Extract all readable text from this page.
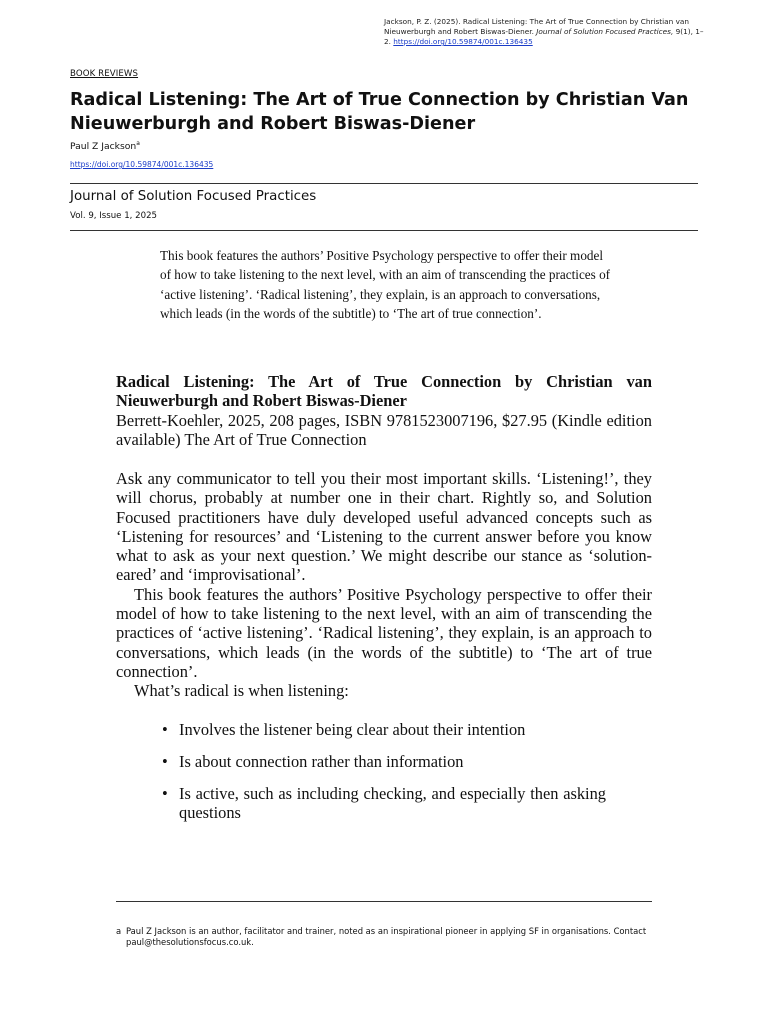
Jackson, P. Z. (2025). Radical Listening: The Art of True Connection by Christian van Nieuwerburgh and Robert Biswas-Diener. Journal of Solution Focused Practices, 9(1), 1–2. https://doi.org/10.59874/001c.136435
BOOK REVIEWS
Radical Listening: The Art of True Connection by Christian Van Nieuwerburgh and Robert Biswas-Diener
Paul Z Jackson$^a$
https://doi.org/10.59874/001c.136435
Journal of Solution Focused Practices
Vol. 9, Issue 1, 2025

This book features the authors’ Positive Psychology perspective to offer their model of how to take listening to the next level, with an aim of transcending the practices of ‘active listening’. ‘Radical listening’, they explain, is an approach to conversations, which leads (in the words of the subtitle) to ‘The art of true connection’.

Radical Listening: The Art of True Connection by Christian van Nieuwerburgh and Robert Biswas-Diener

Berrett-Koehler, 2025, 208 pages, ISBN 9781523007196, $27.95 (Kindle edition available) The Art of True Connection

Ask any communicator to tell you their most important skills. ‘Listening!’, they will chorus, probably at number one in their chart. Rightly so, and Solution Focused practitioners have duly developed useful advanced concepts such as ‘Listening for resources’ and ‘Listening to the current answer before you know what to ask as your next question.’ We might describe our stance as ‘solution-eared’ and ‘improvisational’.

This book features the authors’ Positive Psychology perspective to offer their model of how to take listening to the next level, with an aim of transcending the practices of ‘active listening’. ‘Radical listening’, they explain, is an approach to conversations, which leads (in the words of the subtitle) to ‘The art of true connection’.

What’s radical is when listening:

• Involves the listener being clear about their intention
• Is about connection rather than information
• Is active, such as including checking, and especially then asking questions
a Paul Z Jackson is an author, facilitator and trainer, noted as an inspirational pioneer in applying SF in organisations. Contact paul@thesolutionsfocus.co.uk.
